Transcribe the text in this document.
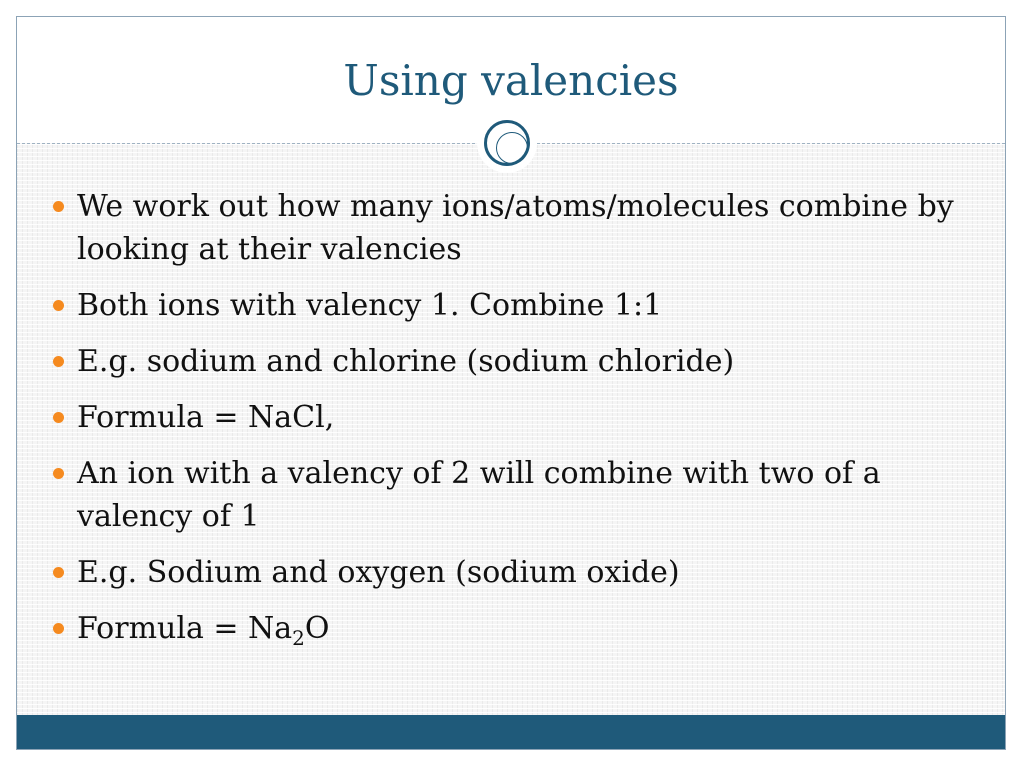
Using valencies
We work out how many ions/atoms/molecules combine by looking at their valencies
Both ions with valency 1. Combine 1:1
E.g. sodium and chlorine (sodium chloride)
Formula = NaCl,
An ion with a valency of 2 will combine with two of a valency of 1
E.g. Sodium and oxygen (sodium oxide)
Formula = $Na_2O$
